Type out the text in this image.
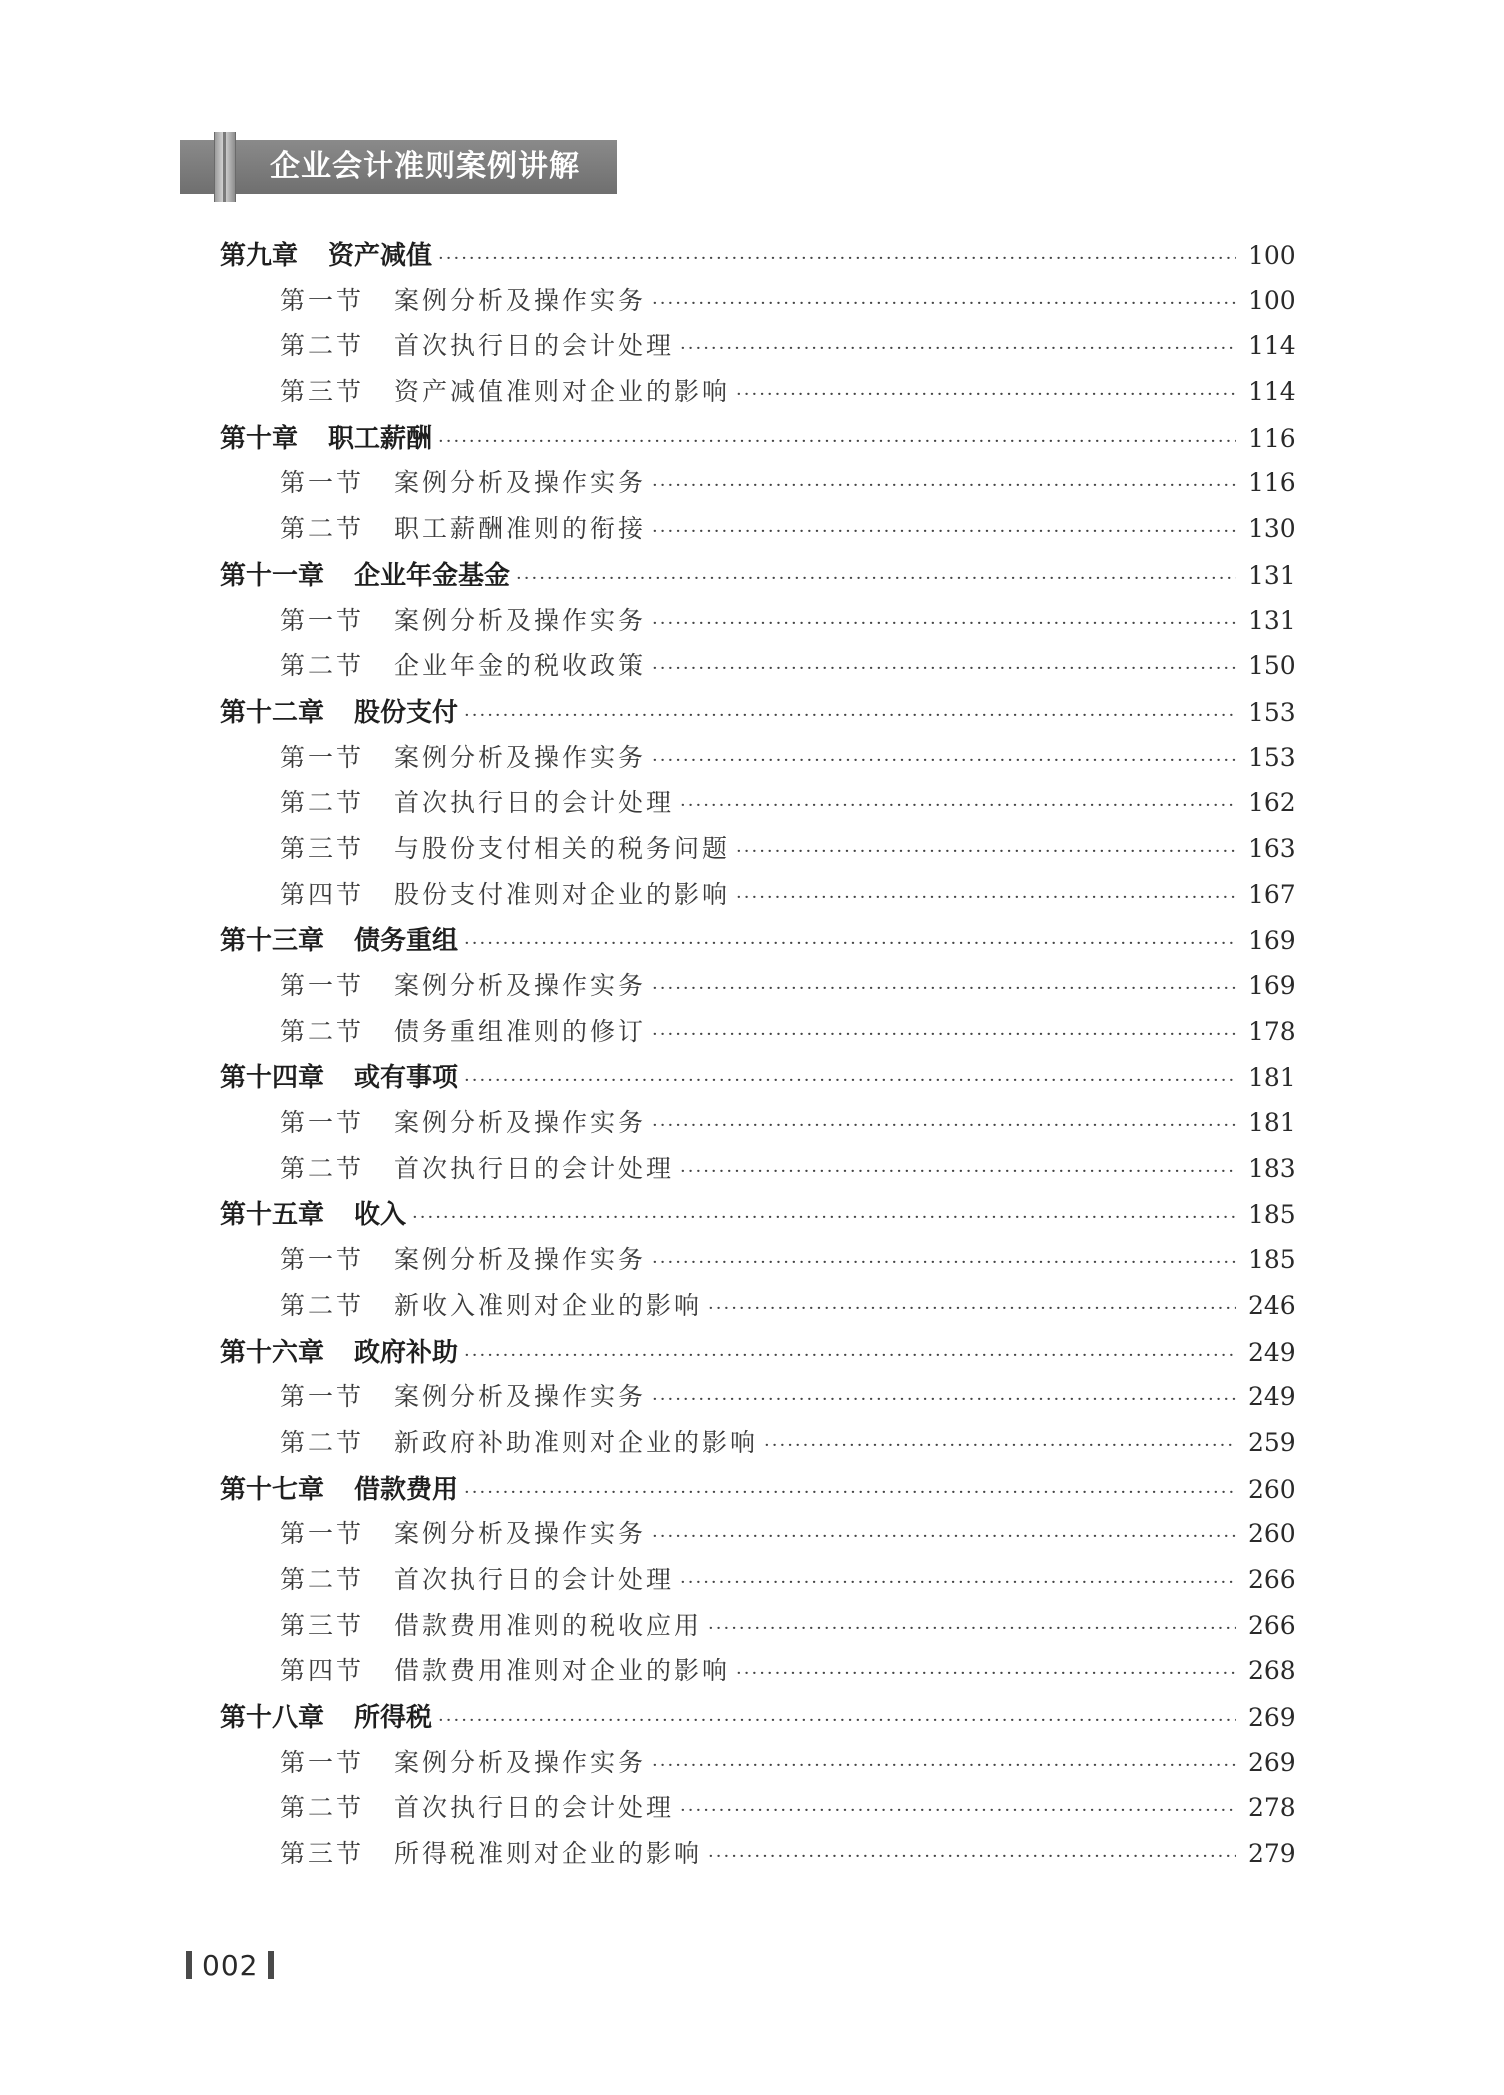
企业会计准则案例讲解
第九章 资产减值 ·····	100
第一节 案例分析及操作实务 ·····	100
第二节 首次执行日的会计处理 ·····	114
第三节 资产减值准则对企业的影响 ·····	114
第十章 职工薪酬 ·····	116
第一节 案例分析及操作实务 ·····	116
第二节 职工薪酬准则的衔接 ·····	130
第十一章 企业年金基金 ·····	131
第一节 案例分析及操作实务 ·····	131
第二节 企业年金的税收政策 ·····	150
第十二章 股份支付 ·····	153
第一节 案例分析及操作实务 ·····	153
第二节 首次执行日的会计处理 ·····	162
第三节 与股份支付相关的税务问题 ·····	163
第四节 股份支付准则对企业的影响 ·····	167
第十三章 债务重组 ·····	169
第一节 案例分析及操作实务 ·····	169
第二节 债务重组准则的修订 ·····	178
第十四章 或有事项 ·····	181
第一节 案例分析及操作实务 ·····	181
第二节 首次执行日的会计处理 ·····	183
第十五章 收入 ·····	185
第一节 案例分析及操作实务 ·····	185
第二节 新收入准则对企业的影响 ·····	246
第十六章 政府补助 ·····	249
第一节 案例分析及操作实务 ·····	249
第二节 新政府补助准则对企业的影响 ·····	259
第十七章 借款费用 ·····	260
第一节 案例分析及操作实务 ·····	260
第二节 首次执行日的会计处理 ·····	266
第三节 借款费用准则的税收应用 ·····	266
第四节 借款费用准则对企业的影响 ·····	268
第十八章 所得税 ·····	269
第一节 案例分析及操作实务 ·····	269
第二节 首次执行日的会计处理 ·····	278
第三节 所得税准则对企业的影响 ·····	279
002
